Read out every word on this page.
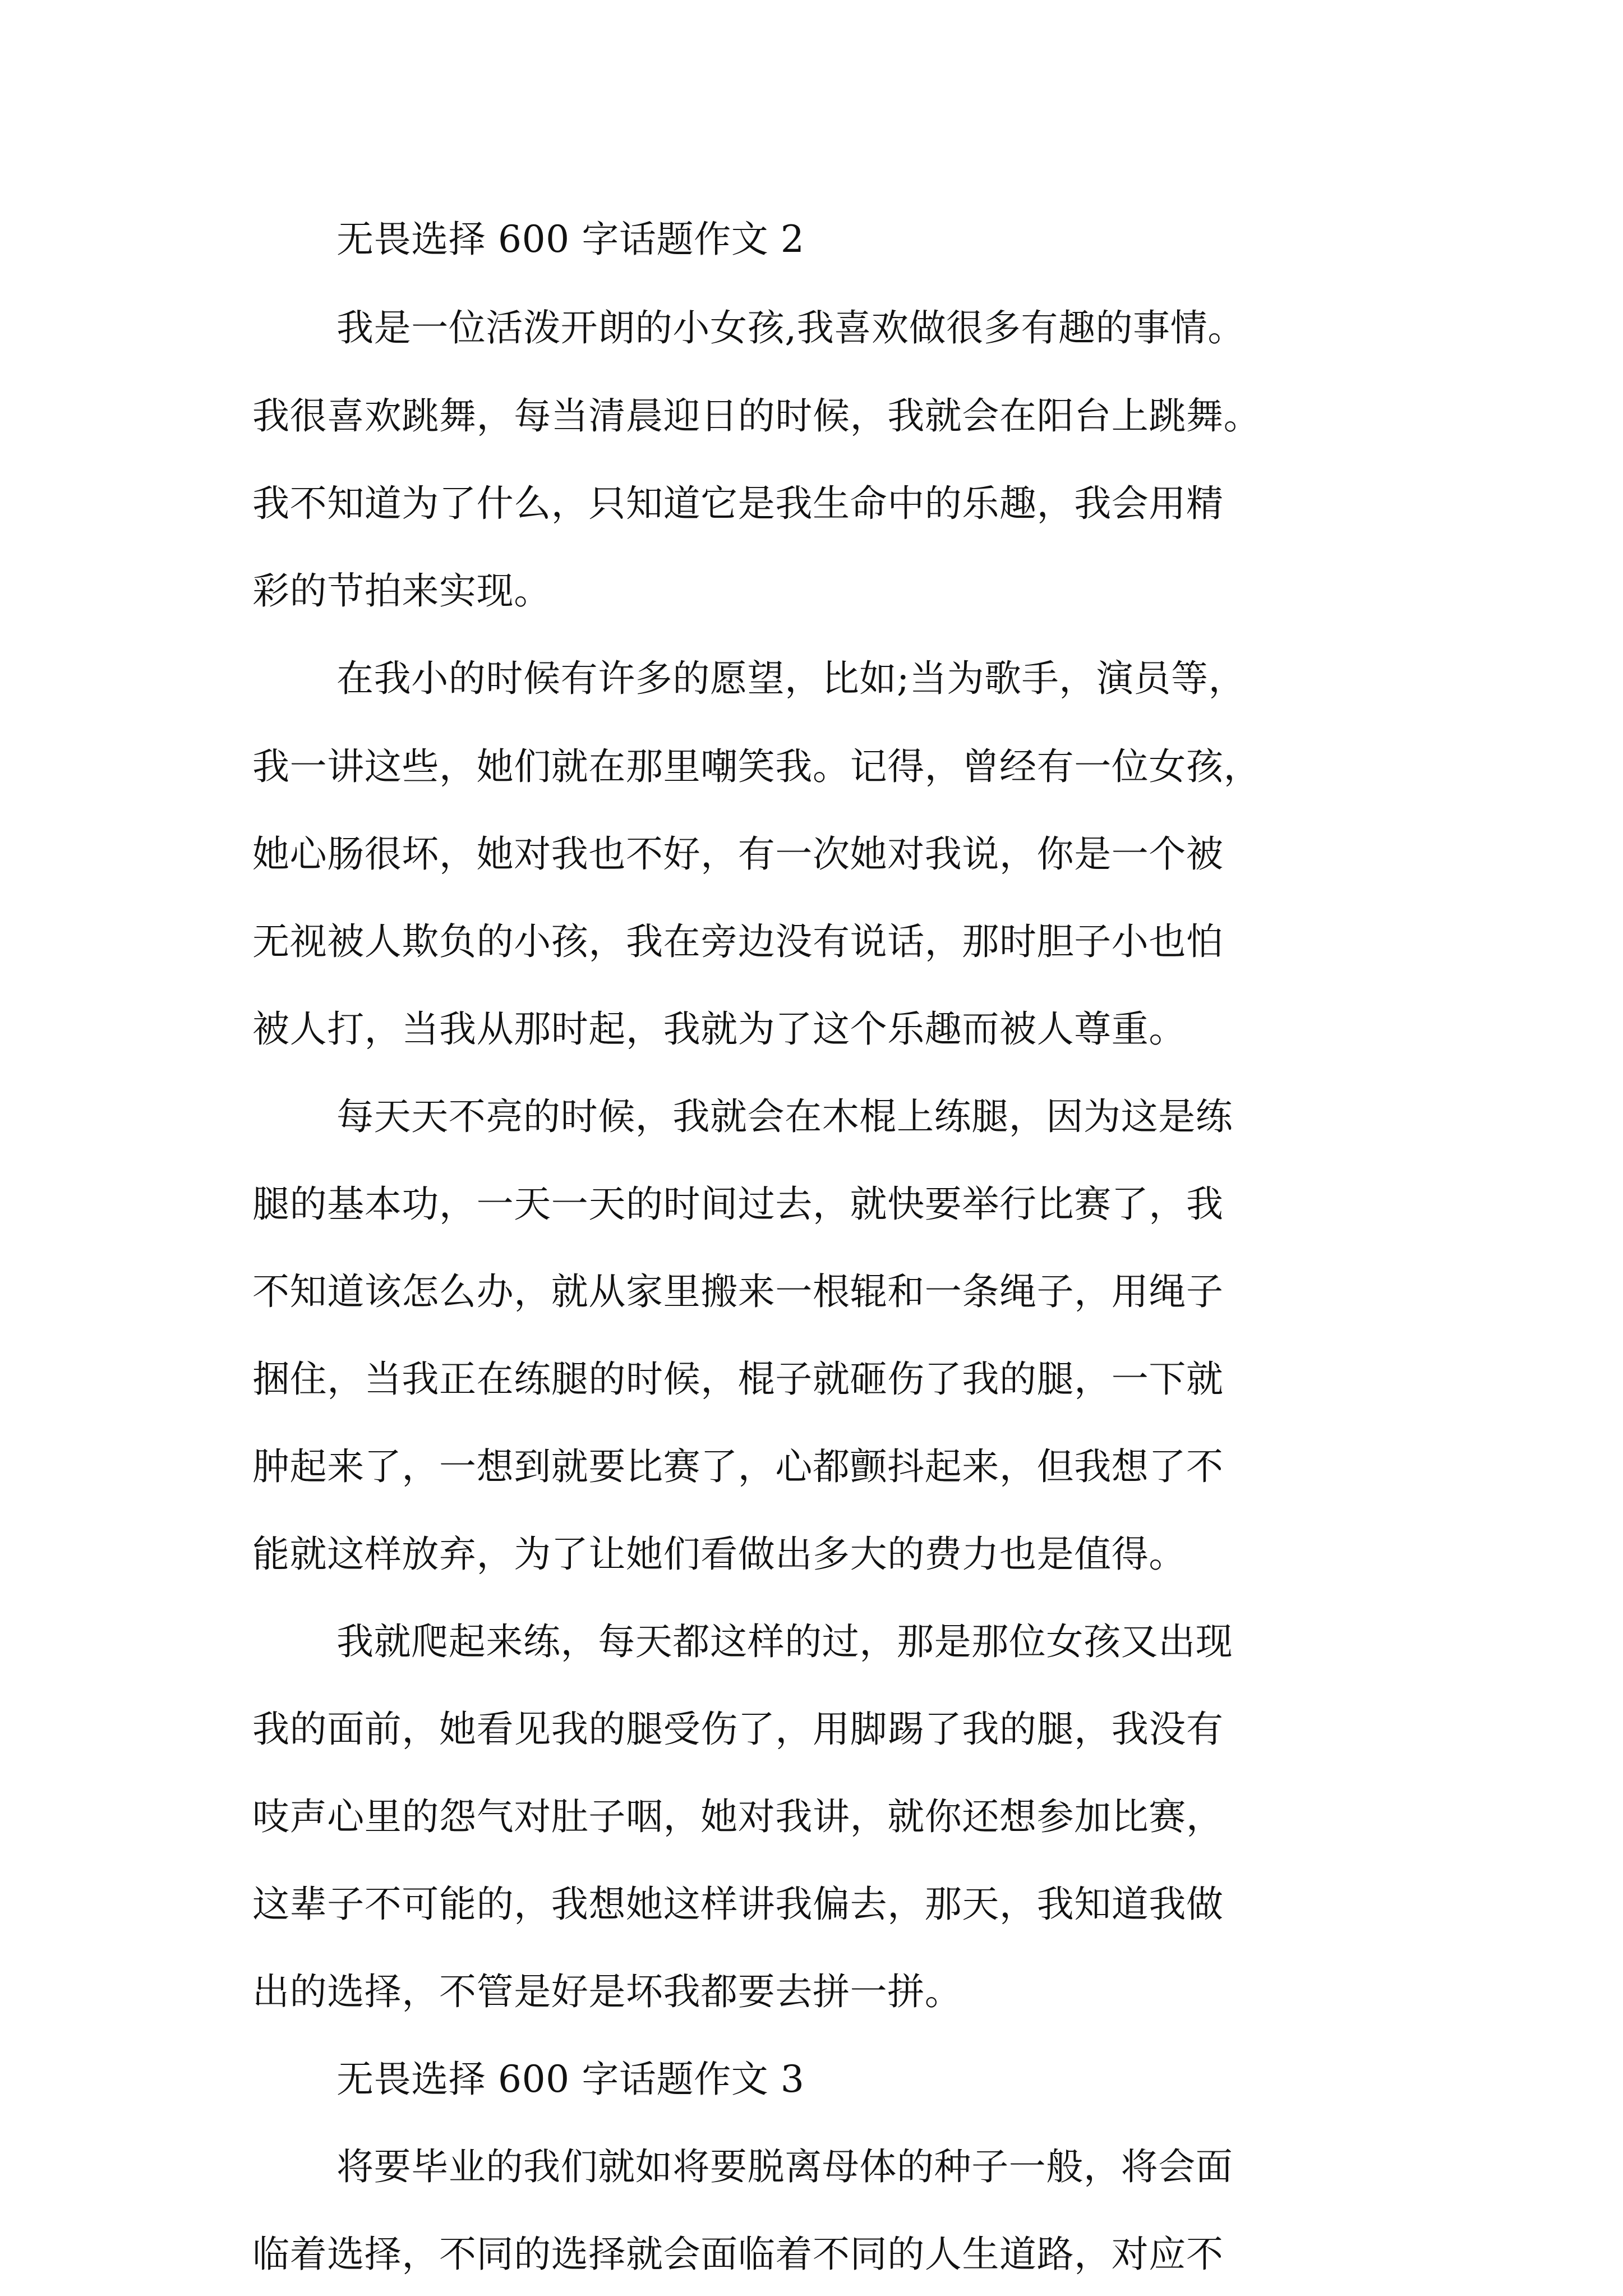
无畏选择 600 字话题作文 2
我是一位活泼开朗的小女孩,我喜欢做很多有趣的事情。
我很喜欢跳舞，每当清晨迎日的时候，我就会在阳台上跳舞。
我不知道为了什么，只知道它是我生命中的乐趣，我会用精
彩的节拍来实现。
在我小的时候有许多的愿望，比如;当为歌手，演员等，
我一讲这些，她们就在那里嘲笑我。记得，曾经有一位女孩，
她心肠很坏，她对我也不好，有一次她对我说，你是一个被
无视被人欺负的小孩，我在旁边没有说话，那时胆子小也怕
被人打，当我从那时起，我就为了这个乐趣而被人尊重。
每天天不亮的时候，我就会在木棍上练腿，因为这是练
腿的基本功，一天一天的时间过去，就快要举行比赛了，我
不知道该怎么办，就从家里搬来一根辊和一条绳子，用绳子
捆住，当我正在练腿的时候，棍子就砸伤了我的腿，一下就
肿起来了，一想到就要比赛了，心都颤抖起来，但我想了不
能就这样放弃，为了让她们看做出多大的费力也是值得。
我就爬起来练，每天都这样的过，那是那位女孩又出现
我的面前，她看见我的腿受伤了，用脚踢了我的腿，我没有
吱声心里的怨气对肚子咽，她对我讲，就你还想参加比赛，
这辈子不可能的，我想她这样讲我偏去，那天，我知道我做
出的选择，不管是好是坏我都要去拼一拼。
无畏选择 600 字话题作文 3
将要毕业的我们就如将要脱离母体的种子一般，将会面
临着选择，不同的选择就会面临着不同的人生道路，对应不
